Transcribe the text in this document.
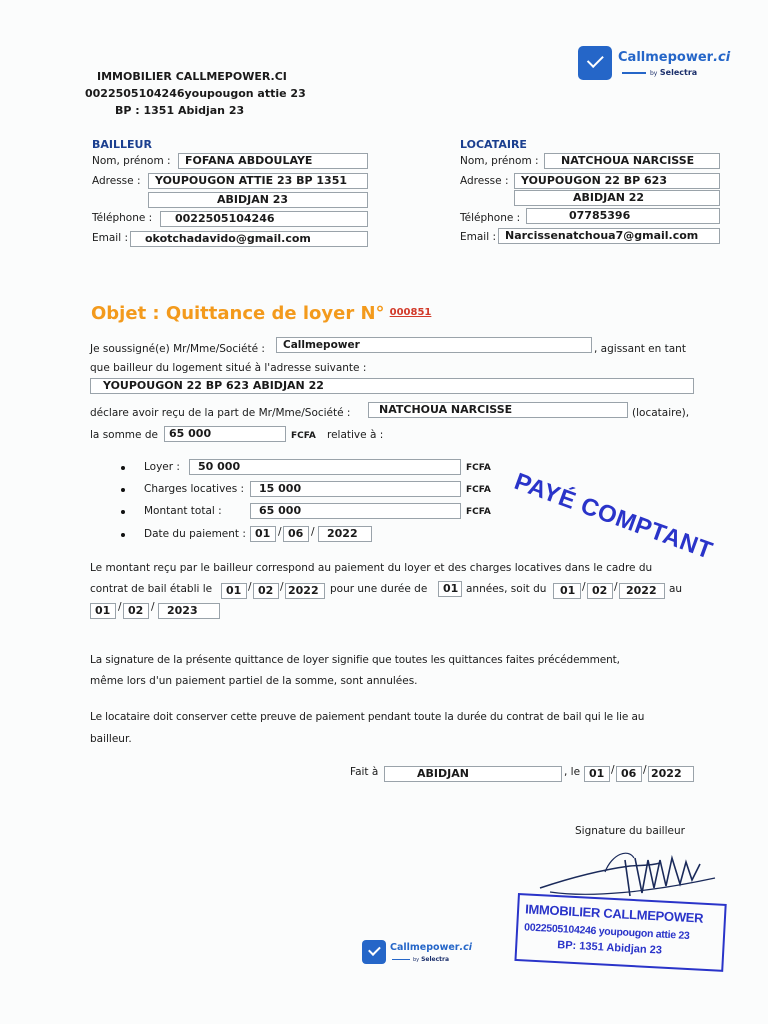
IMMOBILIER CALLMEPOWER.CI
0022505104246youpougon attie 23
BP : 1351 Abidjan 23
Callmepower.ci
by Selectra
BAILLEUR
Nom, prénom :	FOFANA ABDOULAYE
Adresse :	YOUPOUGON ATTIE 23 BP 1351
ABIDJAN 23
Téléphone :	0022505104246
Email :	okotchadavido@gmail.com
LOCATAIRE
Nom, prénom :	NATCHOUA NARCISSE
Adresse :	YOUPOUGON 22 BP 623
ABIDJAN 22
Téléphone :	07785396
Email : Narcissenatchoua7@gmail.com
Objet : Quittance de loyer N° $^{000851}$
Je soussigné(e) Mr/Mme/Société :	Callmepower	, agissant en tant
que bailleur du logement situé à l'adresse suivante :
YOUPOUGON 22 BP 623 ABIDJAN 22
déclare avoir reçu de la part de Mr/Mme/Société :	NATCHOUA NARCISSE	(locataire),
la somme de	65 000	FCFA relative à :
Loyer :	50 000	FCFA
Charges locatives :	15 000	FCFA
Montant total :	65 000	FCFA
Date du paiement : 01 / 06 /	2022	PAYÉ COMPTANT
Le montant reçu par le bailleur correspond au paiement du loyer et des charges locatives dans le cadre du
contrat de bail établi le	01 / 02 / 2022	pour une durée de	01 années, soit du	01 / 02 / 2022	au
01 / 02 /	2023
La signature de la présente quittance de loyer signifie que toutes les quittances faites précédemment,
même lors d'un paiement partiel de la somme, sont annulées.
Le locataire doit conserver cette preuve de paiement pendant toute la durée du contrat de bail qui le lie au
bailleur.
Fait à	ABIDJAN	, le 01 / 06 / 2022
Signature du bailleur
IMMOBILIER CALLMEPOWER
0022505104246 youpougon attie 23
BP: 1351 Abidjan 23
Callmepower.ci
by Selectra
